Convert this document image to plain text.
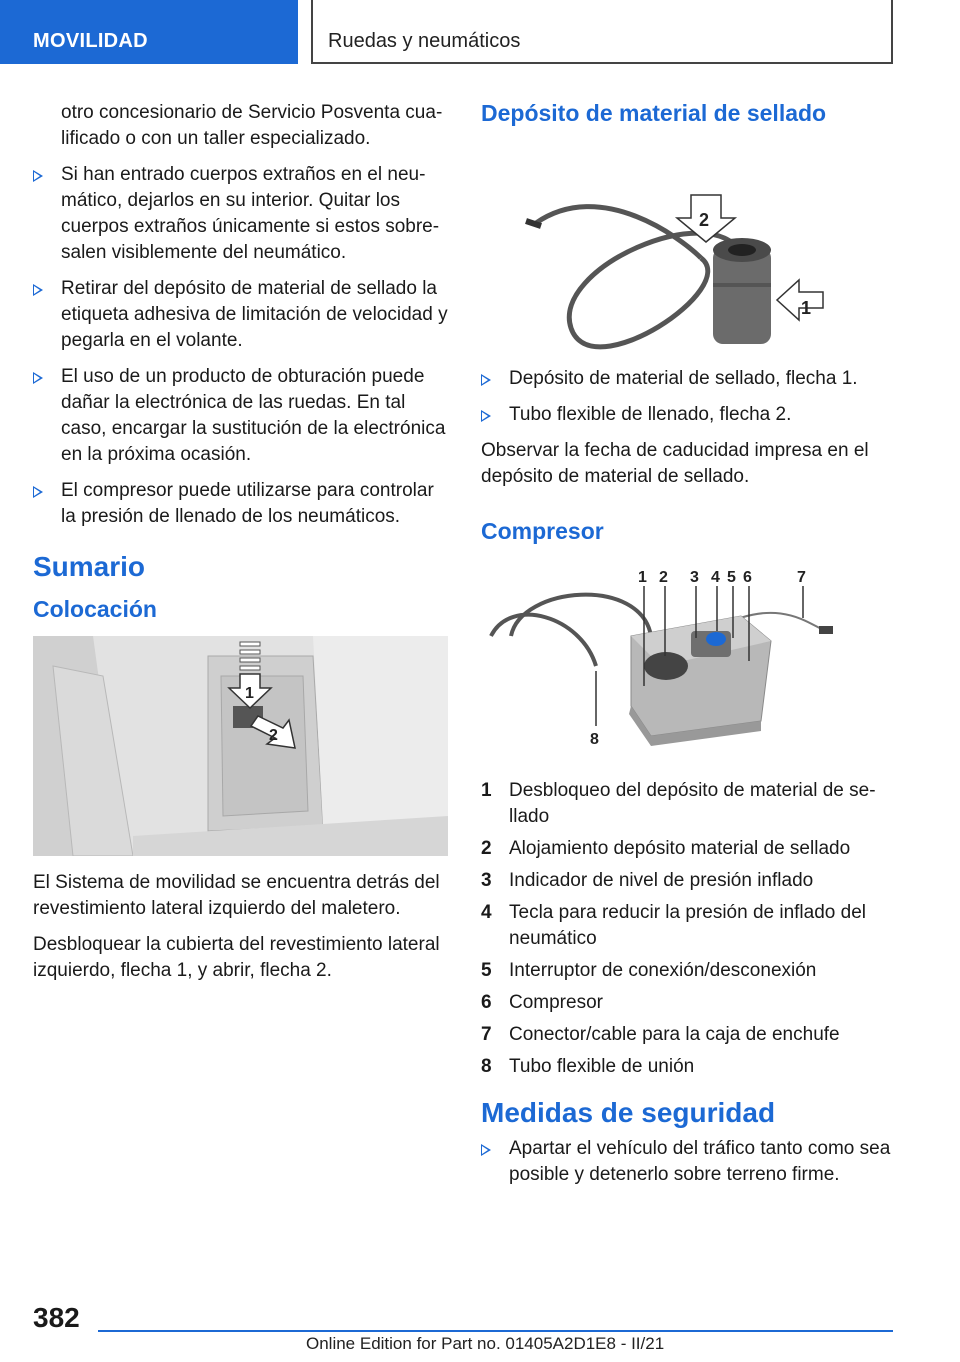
MOVILIDAD	Ruedas y neumáticos

otro concesionario de Servicio Posventa cualificado o con un taller especializado.

Si han entrado cuerpos extraños en el neumático, dejarlos en su interior. Quitar los cuerpos extraños únicamente si estos sobresalen visiblemente del neumático.
Retirar del depósito de material de sellado la etiqueta adhesiva de limitación de velocidad y pegarla en el volante.
El uso de un producto de obturación puede dañar la electrónica de las ruedas. En tal caso, encargar la sustitución de la electrónica en la próxima ocasión.
El compresor puede utilizarse para controlar la presión de llenado de los neumáticos.
Sumario
Colocación
1
2

El Sistema de movilidad se encuentra detrás del revestimiento lateral izquierdo del maletero.

Desbloquear la cubierta del revestimiento lateral izquierdo, flecha 1, y abrir, flecha 2.

Depósito de material de sellado
2
1
Depósito de material de sellado, flecha 1.
Tubo flexible de llenado, flecha 2.

Observar la fecha de caducidad impresa en el depósito de material de sellado.

Compresor
1 2 3 4 5 6	7
8
1 Desbloqueo del depósito de material de sellado
2 Alojamiento depósito material de sellado
3 Indicador de nivel de presión inflado
4 Tecla para reducir la presión de inflado del neumático
5 Interruptor de conexión/desconexión
6 Compresor
7 Conector/cable para la caja de enchufe
8 Tubo flexible de unión
Medidas de seguridad
Apartar el vehículo del tráfico tanto como sea posible y detenerlo sobre terreno firme.
382
Online Edition for Part no. 01405A2D1E8 - II/21
